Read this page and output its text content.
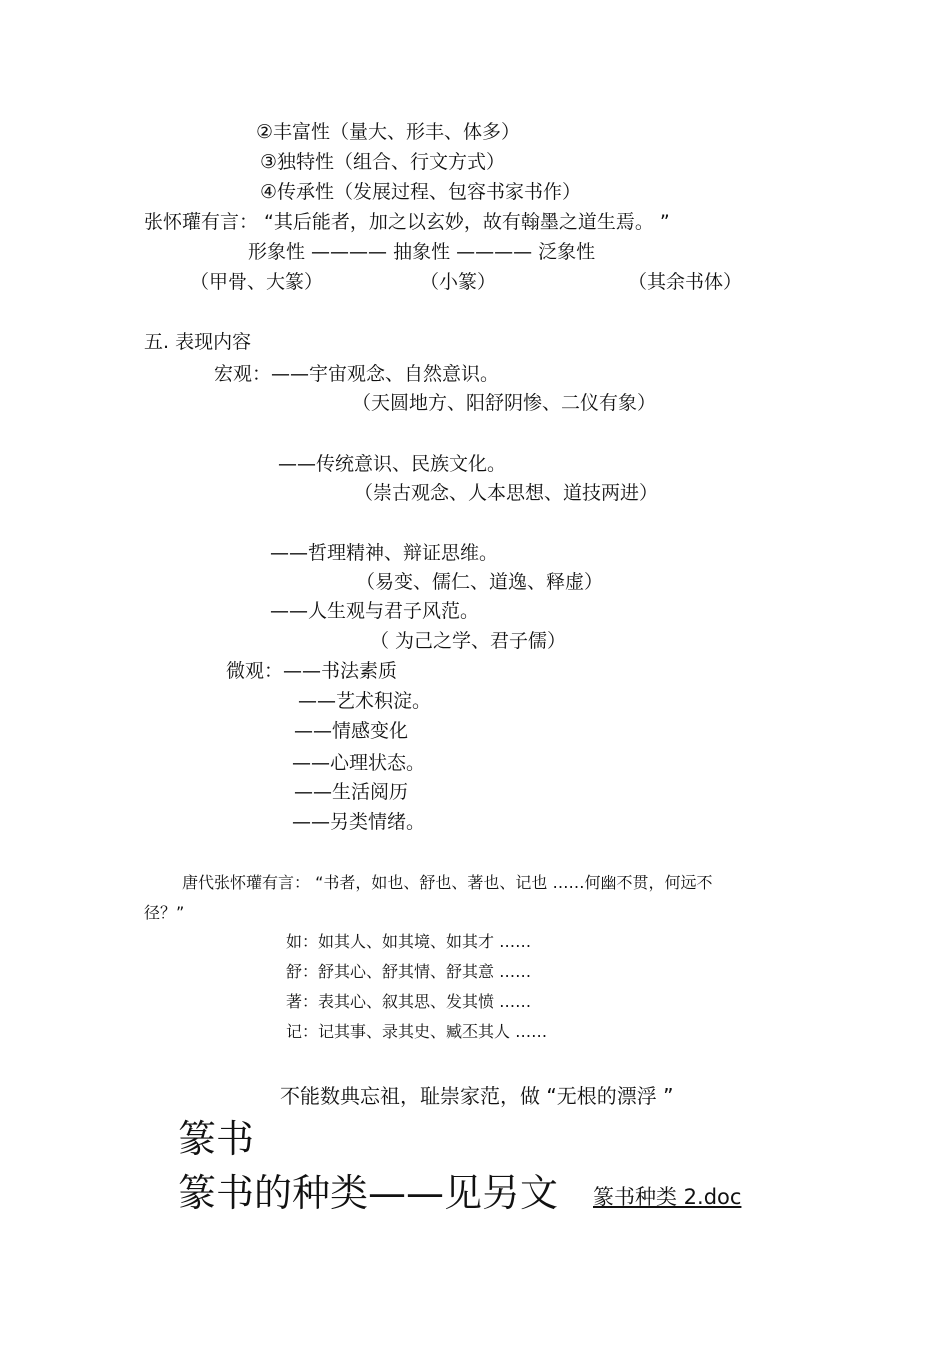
②丰富性（量大、形丰、体多）
③独特性（组合、行文方式）
④传承性（发展过程、包容书家书作）
张怀瓘有言： “其后能者，加之以玄妙，故有翰墨之道生焉。 ”
形象性 ———— 抽象性 ———— 泛象性
（甲骨、大篆）	（小篆）	（其余书体）
五. 表现内容
宏观：——宇宙观念、自然意识。
（天圆地方、阳舒阴惨、二仪有象）
——传统意识、民族文化。
（崇古观念、人本思想、道技两进）
——哲理精神、辩证思维。
（易变、儒仁、道逸、释虚）
——人生观与君子风范。
（ 为己之学、君子儒）
微观：——书法素质
——艺术积淀。
——情感变化
——心理状态。
——生活阅历
——另类情绪。
唐代张怀瓘有言： “书者，如也、舒也、著也、记也 ……何幽不贯，何远不
径？”
如：如其人、如其境、如其才 ……
舒：舒其心、舒其情、舒其意 ……
著：表其心、叙其思、发其愤 ……
记：记其事、录其史、臧丕其人 ……
不能数典忘祖，耻崇家范，做 “无根的漂浮 ”
篆书
篆书的种类——见另文 篆书种类 2.doc
